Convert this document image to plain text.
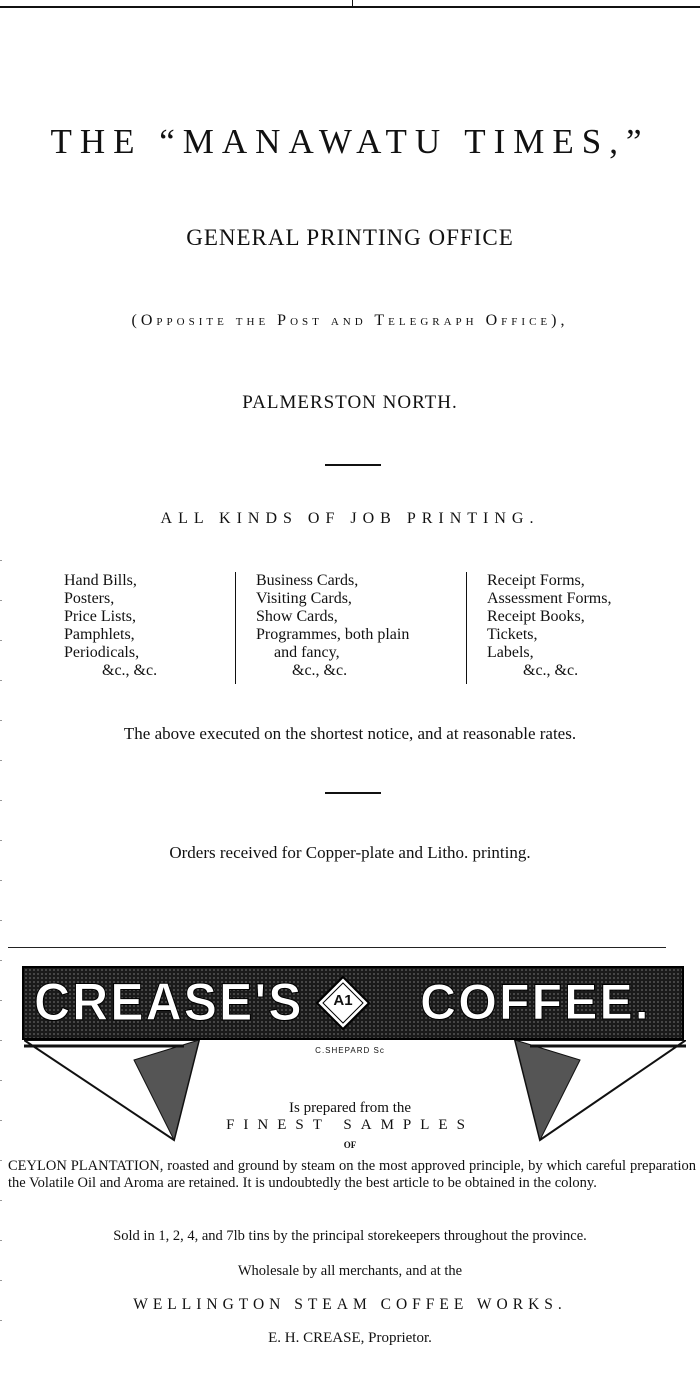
THE “MANAWATU TIMES,”
GENERAL PRINTING OFFICE
(Opposite the Post and Telegraph Office),
PALMERSTON NORTH.
ALL KINDS OF JOB PRINTING.
Hand Bills,
Posters,
Price Lists,
Pamphlets,
Periodicals,
&c., &c.
Business Cards,
Visiting Cards,
Show Cards,
Programmes, both plain
and fancy,
&c., &c.
Receipt Forms,
Assessment Forms,
Receipt Books,
Tickets,
Labels,
&c., &c.
The above executed on the shortest notice, and at reasonable rates.
Orders received for Copper-plate and Litho. printing.
CREASE'S	A1	COFFEE.
C.SHEPARD Sc
Is prepared from the
FINEST SAMPLES
OF
CEYLON PLANTATION, roasted and ground by steam on the most approved principle, by which careful preparation the Volatile Oil and Aroma are retained. It is undoubtedly the best article to be obtained in the colony.
Sold in 1, 2, 4, and 7lb tins by the principal storekeepers throughout the province.
Wholesale by all merchants, and at the
WELLINGTON STEAM COFFEE WORKS.
E. H. CREASE, Proprietor.
